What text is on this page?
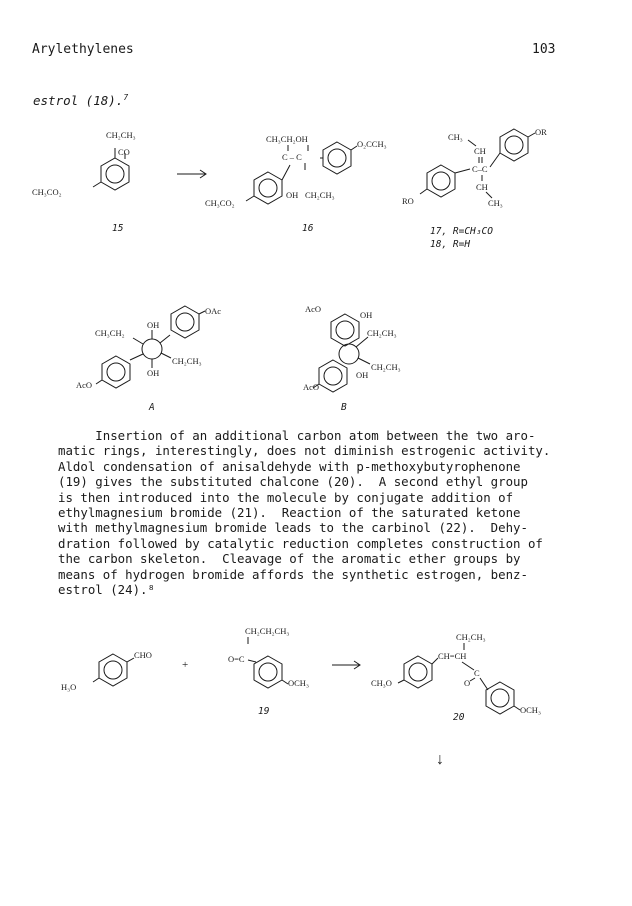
Arylethylenes	103
estrol (18).$^7$
CO
CH₂CH₃
CH₃CO₂
15
CH₃CH₂OH
C – C
O₂CCH₃
OH CH₂CH₃
CH₃CO₂
16
CH₃
CH
C–C
CH
CH₃
OR
RO
17, R=CH₃CO
18, R=H
OH
CH₃CH₂
OAc
CH₂CH₃
OH
AcO
A
AcO
OH
CH₂CH₃
CH₂CH₃
OH
AcO
B
Insertion of an additional carbon atom between the two aro-
matic rings, interestingly, does not diminish estrogenic activity.
Aldol condensation of anisaldehyde with p-methoxybutyrophenone
(19) gives the substituted chalcone (20).  A second ethyl group
is then introduced into the molecule by conjugate addition of
ethylmagnesium bromide (21).  Reaction of the saturated ketone
with methylmagnesium bromide leads to the carbinol (22).  Dehy-
dration followed by catalytic reduction completes construction of
the carbon skeleton.  Cleavage of the aromatic ether groups by
means of hydrogen bromide affords the synthetic estrogen, benz-
estrol (24).⁸
CHO
H₃O
+
CH₂CH₂CH₃
O=C
OCH₃
19
CH₂CH₃
CH=CH
C
O
CH₃O
OCH₃
20
↓
